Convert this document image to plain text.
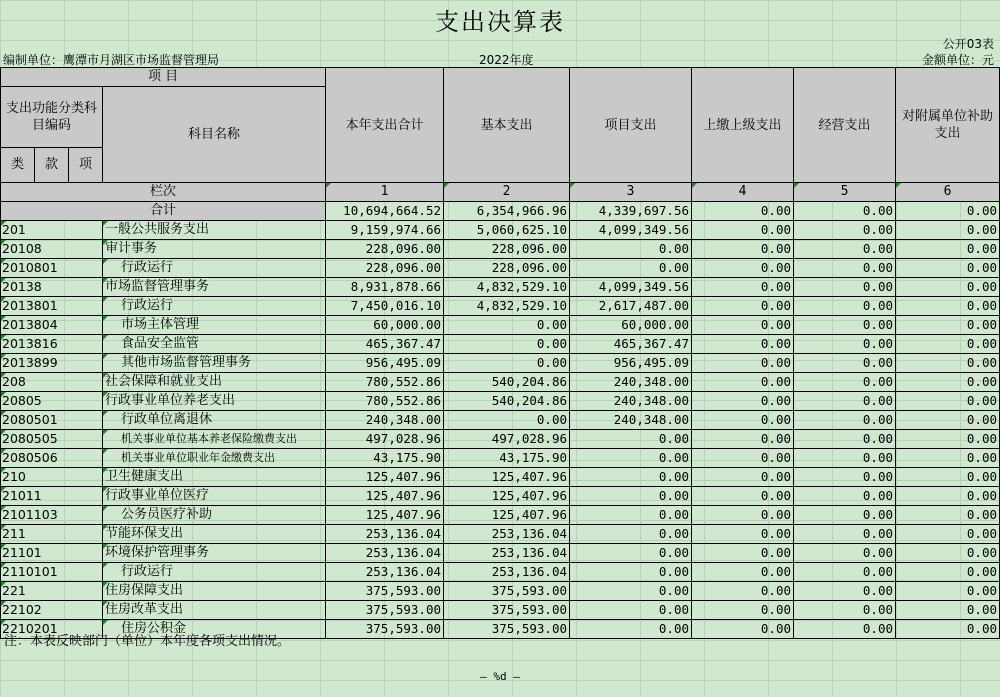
支出决算表
公开03表
编制单位：鹰潭市月湖区市场监督管理局	2022年度	金额单位：元
项 目				本年支出合计	基本支出	项目支出	上缴上级支出	经营支出	对附属单位补助支出
支出功能分类科目编码			科目名称						
类	款	项							
栏次				1	2	3	4	5	6
合计				10,694,664.52	6,354,966.96	4,339,697.56	0.00	0.00	0.00
201			一般公共服务支出	9,159,974.66	5,060,625.10	4,099,349.56	0.00	0.00	0.00
20108			审计事务	228,096.00	228,096.00	0.00	0.00	0.00	0.00
2010801			行政运行	228,096.00	228,096.00	0.00	0.00	0.00	0.00
20138			市场监督管理事务	8,931,878.66	4,832,529.10	4,099,349.56	0.00	0.00	0.00
2013801			行政运行	7,450,016.10	4,832,529.10	2,617,487.00	0.00	0.00	0.00
2013804			市场主体管理	60,000.00	0.00	60,000.00	0.00	0.00	0.00
2013816			食品安全监管	465,367.47	0.00	465,367.47	0.00	0.00	0.00
2013899			其他市场监督管理事务	956,495.09	0.00	956,495.09	0.00	0.00	0.00
208			社会保障和就业支出	780,552.86	540,204.86	240,348.00	0.00	0.00	0.00
20805			行政事业单位养老支出	780,552.86	540,204.86	240,348.00	0.00	0.00	0.00
2080501			行政单位离退休	240,348.00	0.00	240,348.00	0.00	0.00	0.00
2080505			机关事业单位基本养老保险缴费支出	497,028.96	497,028.96	0.00	0.00	0.00	0.00
2080506			机关事业单位职业年金缴费支出	43,175.90	43,175.90	0.00	0.00	0.00	0.00
210			卫生健康支出	125,407.96	125,407.96	0.00	0.00	0.00	0.00
21011			行政事业单位医疗	125,407.96	125,407.96	0.00	0.00	0.00	0.00
2101103			公务员医疗补助	125,407.96	125,407.96	0.00	0.00	0.00	0.00
211			节能环保支出	253,136.04	253,136.04	0.00	0.00	0.00	0.00
21101			环境保护管理事务	253,136.04	253,136.04	0.00	0.00	0.00	0.00
2110101			行政运行	253,136.04	253,136.04	0.00	0.00	0.00	0.00
221			住房保障支出	375,593.00	375,593.00	0.00	0.00	0.00	0.00
22102			住房改革支出	375,593.00	375,593.00	0.00	0.00	0.00	0.00
2210201			住房公积金	375,593.00	375,593.00	0.00	0.00	0.00	0.00
注：本表反映部门（单位）本年度各项支出情况。
— %d —
